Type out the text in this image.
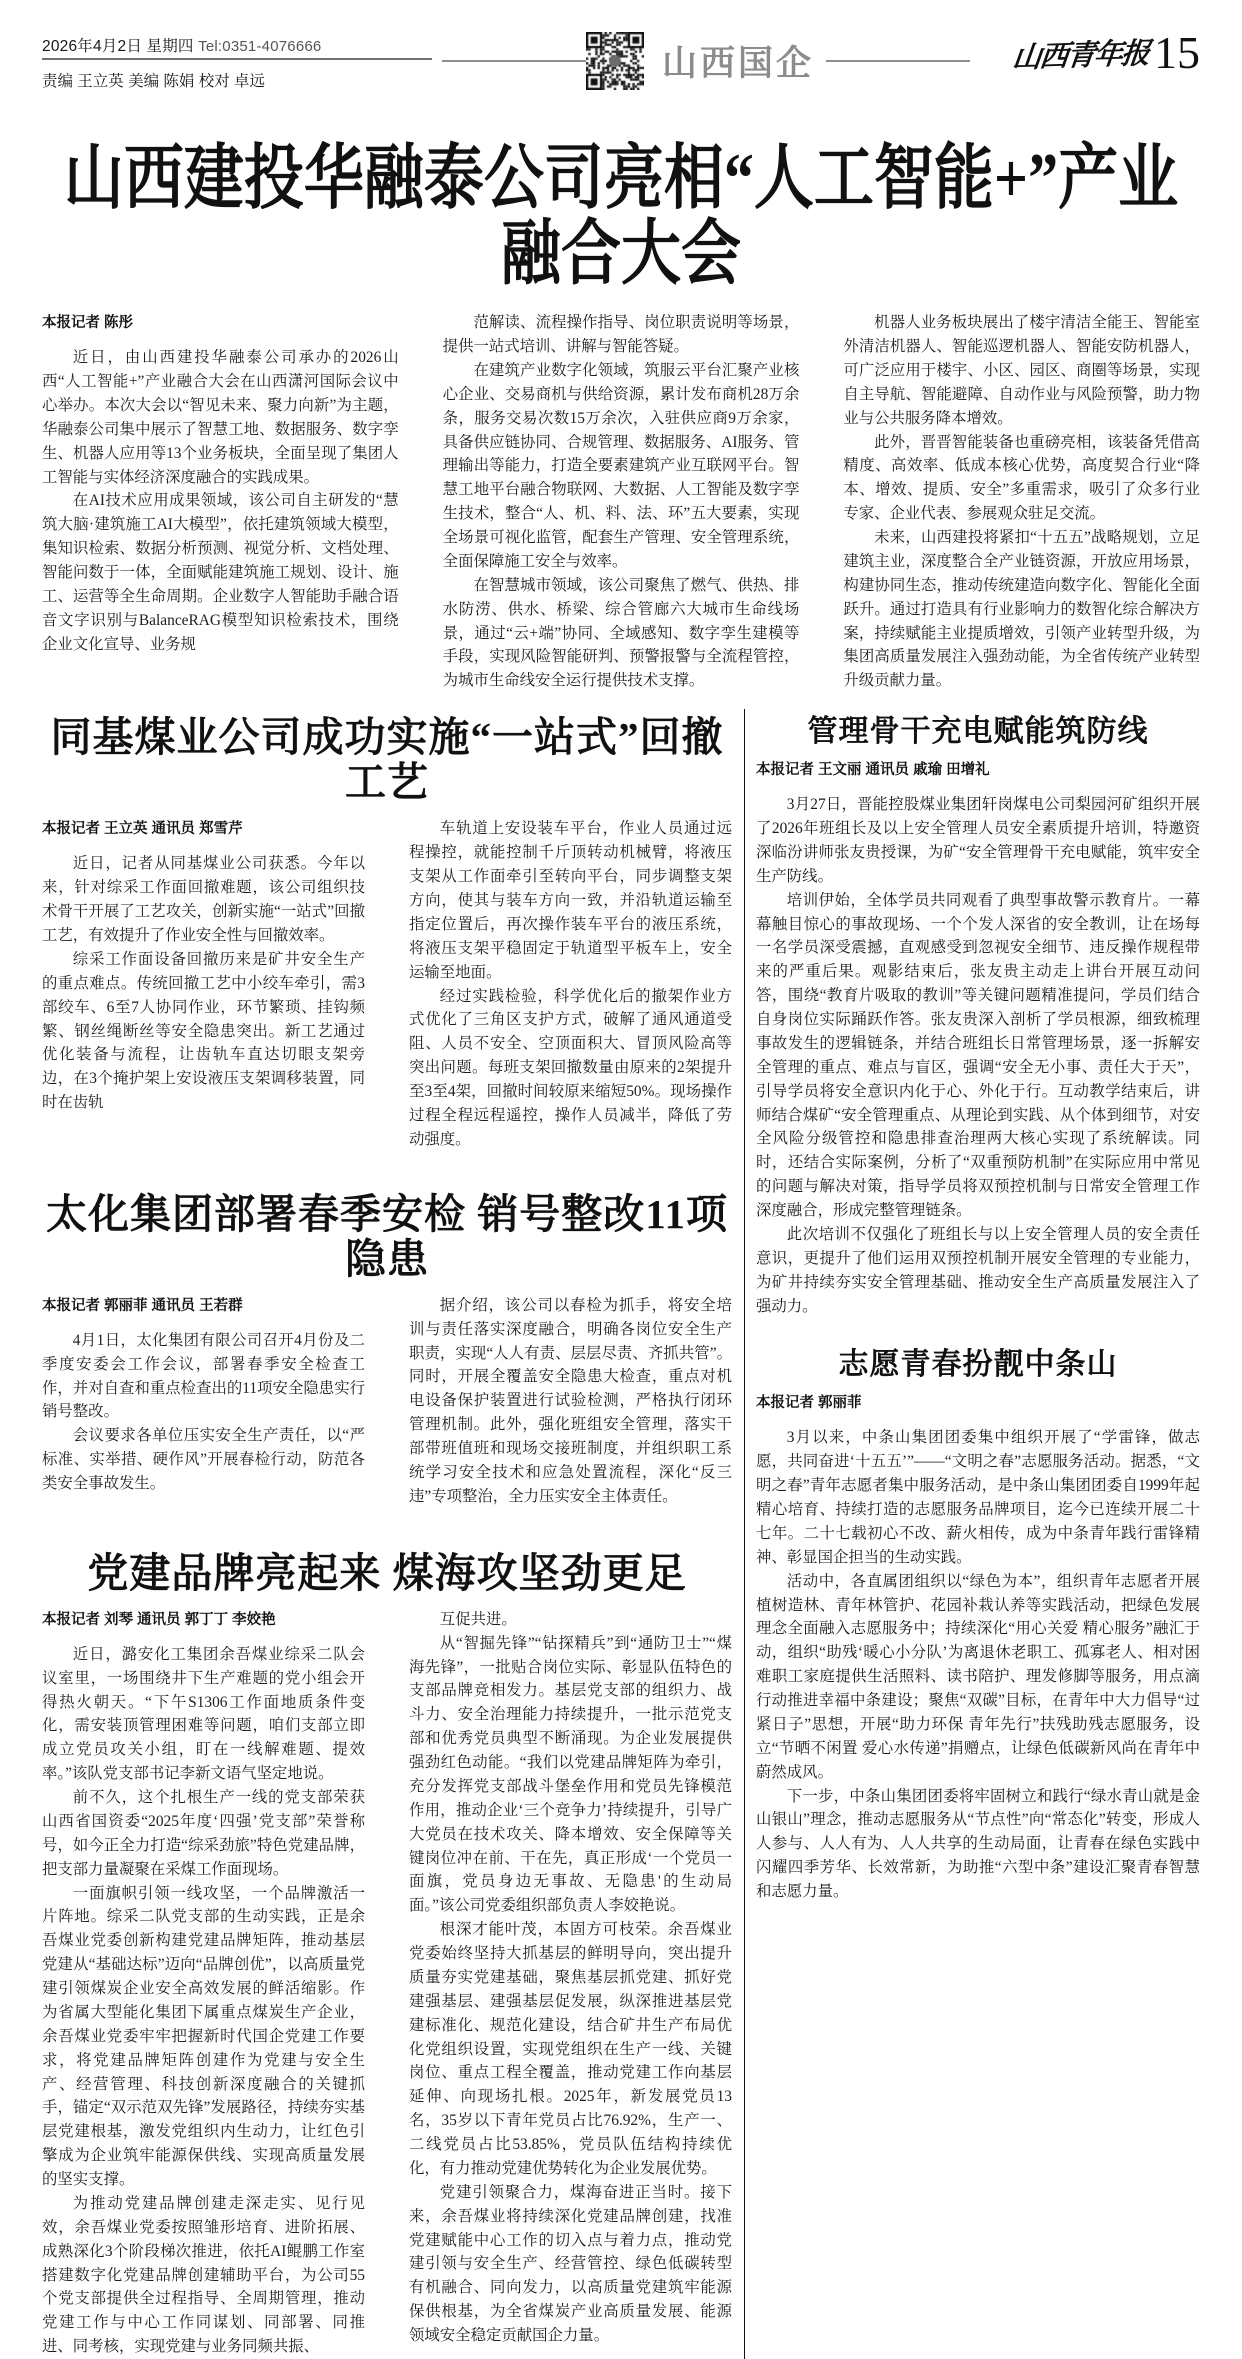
2026年4月2日 星期四 Tel:0351-4076666
责编 王立英 美编 陈娟 校对 卓远	山西国企	山西青年报 15
山西建投华融泰公司亮相“人工智能+”产业融合大会
本报记者 陈彤

近日，由山西建投华融泰公司承办的2026山西“人工智能+”产业融合大会在山西潇河国际会议中心举办。本次大会以“智见未来、聚力向新”为主题，华融泰公司集中展示了智慧工地、数据服务、数字孪生、机器人应用等13个业务板块，全面呈现了集团人工智能与实体经济深度融合的实践成果。

在AI技术应用成果领域，该公司自主研发的“慧筑大脑·建筑施工AI大模型”，依托建筑领域大模型，集知识检索、数据分析预测、视觉分析、文档处理、智能问数于一体，全面赋能建筑施工规划、设计、施工、运营等全生命周期。企业数字人智能助手融合语音文字识别与BalanceRAG模型知识检索技术，围绕企业文化宣导、业务规

范解读、流程操作指导、岗位职责说明等场景，提供一站式培训、讲解与智能答疑。

在建筑产业数字化领域，筑服云平台汇聚产业核心企业、交易商机与供给资源，累计发布商机28万余条，服务交易次数15万余次，入驻供应商9万余家，具备供应链协同、合规管理、数据服务、AI服务、管理输出等能力，打造全要素建筑产业互联网平台。智慧工地平台融合物联网、大数据、人工智能及数字孪生技术，整合“人、机、料、法、环”五大要素，实现全场景可视化监管，配套生产管理、安全管理系统，全面保障施工安全与效率。

在智慧城市领域，该公司聚焦了燃气、供热、排水防涝、供水、桥梁、综合管廊六大城市生命线场景，通过“云+端”协同、全域感知、数字孪生建模等手段，实现风险智能研判、预警报警与全流程管控，为城市生命线安全运行提供技术支撑。

机器人业务板块展出了楼宇清洁全能王、智能室外清洁机器人、智能巡逻机器人、智能安防机器人，可广泛应用于楼宇、小区、园区、商圈等场景，实现自主导航、智能避障、自动作业与风险预警，助力物业与公共服务降本增效。

此外，晋晋智能装备也重磅亮相，该装备凭借高精度、高效率、低成本核心优势，高度契合行业“降本、增效、提质、安全”多重需求，吸引了众多行业专家、企业代表、参展观众驻足交流。

未来，山西建投将紧扣“十五五”战略规划，立足建筑主业，深度整合全产业链资源，开放应用场景，构建协同生态，推动传统建造向数字化、智能化全面跃升。通过打造具有行业影响力的数智化综合解决方案，持续赋能主业提质增效，引领产业转型升级，为集团高质量发展注入强劲动能，为全省传统产业转型升级贡献力量。

同基煤业公司成功实施“一站式”回撤工艺
本报记者 王立英 通讯员 郑雪芹

近日，记者从同基煤业公司获悉。今年以来，针对综采工作面回撤难题，该公司组织技术骨干开展了工艺攻关，创新实施“一站式”回撤工艺，有效提升了作业安全性与回撤效率。

综采工作面设备回撤历来是矿井安全生产的重点难点。传统回撤工艺中小绞车牵引，需3部绞车、6至7人协同作业，环节繁琐、挂钩频繁、钢丝绳断丝等安全隐患突出。新工艺通过优化装备与流程，让齿轨车直达切眼支架旁边，在3个掩护架上安设液压支架调移装置，同时在齿轨

车轨道上安设装车平台，作业人员通过远程操控，就能控制千斤顶转动机械臂，将液压支架从工作面牵引至转向平台，同步调整支架方向，使其与装车方向一致，并沿轨道运输至指定位置后，再次操作装车平台的液压系统，将液压支架平稳固定于轨道型平板车上，安全运输至地面。

经过实践检验，科学优化后的撤架作业方式优化了三角区支护方式，破解了通风通道受阻、人员不安全、空顶面积大、冒顶风险高等突出问题。每班支架回撤数量由原来的2架提升至3至4架，回撤时间较原来缩短50%。现场操作过程全程远程遥控，操作人员减半，降低了劳动强度。

太化集团部署春季安检 销号整改11项隐患
本报记者 郭丽菲 通讯员 王若群

4月1日，太化集团有限公司召开4月份及二季度安委会工作会议，部署春季安全检查工作，并对自查和重点检查出的11项安全隐患实行销号整改。

会议要求各单位压实安全生产责任，以“严标准、实举措、硬作风”开展春检行动，防范各类安全事故发生。

据介绍，该公司以春检为抓手，将安全培训与责任落实深度融合，明确各岗位安全生产职责，实现“人人有责、层层尽责、齐抓共管”。同时，开展全覆盖安全隐患大检查，重点对机电设备保护装置进行试验检测，严格执行闭环管理机制。此外，强化班组安全管理，落实干部带班值班和现场交接班制度，并组织职工系统学习安全技术和应急处置流程，深化“反三违”专项整治，全力压实安全主体责任。

党建品牌亮起来 煤海攻坚劲更足
本报记者 刘琴 通讯员 郭丁丁 李姣艳

近日，潞安化工集团余吾煤业综采二队会议室里，一场围绕井下生产难题的党小组会开得热火朝天。“下午S1306工作面地质条件变化，需安装顶管理困难等问题，咱们支部立即成立党员攻关小组，盯在一线解难题、提效率。”该队党支部书记李新文语气坚定地说。

前不久，这个扎根生产一线的党支部荣获山西省国资委“2025年度‘四强’党支部”荣誉称号，如今正全力打造“综采劲旅”特色党建品牌，把支部力量凝聚在采煤工作面现场。

一面旗帜引领一线攻坚，一个品牌激活一片阵地。综采二队党支部的生动实践，正是余吾煤业党委创新构建党建品牌矩阵，推动基层党建从“基础达标”迈向“品牌创优”，以高质量党建引领煤炭企业安全高效发展的鲜活缩影。作为省属大型能化集团下属重点煤炭生产企业，余吾煤业党委牢牢把握新时代国企党建工作要求，将党建品牌矩阵创建作为党建与安全生产、经营管理、科技创新深度融合的关键抓手，锚定“双示范双先锋”发展路径，持续夯实基层党建根基，激发党组织内生动力，让红色引擎成为企业筑牢能源保供线、实现高质量发展的坚实支撑。

为推动党建品牌创建走深走实、见行见效，余吾煤业党委按照雏形培育、进阶拓展、成熟深化3个阶段梯次推进，依托AI鲲鹏工作室搭建数字化党建品牌创建辅助平台，为公司55个党支部提供全过程指导、全周期管理，推动党建工作与中心工作同谋划、同部署、同推进、同考核，实现党建与业务同频共振、

互促共进。

从“智掘先锋”“钻探精兵”到“通防卫士”“煤海先锋”，一批贴合岗位实际、彰显队伍特色的支部品牌竞相发力。基层党支部的组织力、战斗力、安全治理能力持续提升，一批示范党支部和优秀党员典型不断涌现。为企业发展提供强劲红色动能。“我们以党建品牌矩阵为牵引，充分发挥党支部战斗堡垒作用和党员先锋模范作用，推动企业‘三个竞争力’持续提升，引导广大党员在技术攻关、降本增效、安全保障等关键岗位冲在前、干在先，真正形成‘一个党员一面旗，党员身边无事故、无隐患'的生动局面。”该公司党委组织部负责人李姣艳说。

根深才能叶茂，本固方可枝荣。余吾煤业党委始终坚持大抓基层的鲜明导向，突出提升质量夯实党建基础，聚焦基层抓党建、抓好党建强基层、建强基层促发展，纵深推进基层党建标准化、规范化建设，结合矿井生产布局优化党组织设置，实现党组织在生产一线、关键岗位、重点工程全覆盖，推动党建工作向基层延伸、向现场扎根。2025年，新发展党员13名，35岁以下青年党员占比76.92%，生产一、二线党员占比53.85%，党员队伍结构持续优化，有力推动党建优势转化为企业发展优势。

党建引领聚合力，煤海奋进正当时。接下来，余吾煤业将持续深化党建品牌创建，找准党建赋能中心工作的切入点与着力点，推动党建引领与安全生产、经营管控、绿色低碳转型有机融合、同向发力，以高质量党建筑牢能源保供根基，为全省煤炭产业高质量发展、能源领域安全稳定贡献国企力量。

管理骨干充电赋能筑防线
本报记者 王文丽 通讯员 戚瑜 田增礼

3月27日，晋能控股煤业集团轩岗煤电公司梨园河矿组织开展了2026年班组长及以上安全管理人员安全素质提升培训，特邀资深临汾讲师张友贵授课，为矿“安全管理骨干充电赋能，筑牢安全生产防线。

培训伊始，全体学员共同观看了典型事故警示教育片。一幕幕触目惊心的事故现场、一个个发人深省的安全教训，让在场每一名学员深受震撼，直观感受到忽视安全细节、违反操作规程带来的严重后果。观影结束后，张友贵主动走上讲台开展互动问答，围绕“教育片吸取的教训”等关键问题精准提问，学员们结合自身岗位实际踊跃作答。张友贵深入剖析了学员根源，细致梳理事故发生的逻辑链条，并结合班组长日常管理场景，逐一拆解安全管理的重点、难点与盲区，强调“安全无小事、责任大于天”，引导学员将安全意识内化于心、外化于行。互动教学结束后，讲师结合煤矿“安全管理重点、从理论到实践、从个体到细节，对安全风险分级管控和隐患排查治理两大核心实现了系统解读。同时，还结合实际案例，分析了“双重预防机制”在实际应用中常见的问题与解决对策，指导学员将双预控机制与日常安全管理工作深度融合，形成完整管理链条。

此次培训不仅强化了班组长与以上安全管理人员的安全责任意识，更提升了他们运用双预控机制开展安全管理的专业能力，为矿井持续夯实安全管理基础、推动安全生产高质量发展注入了强动力。

志愿青春扮靓中条山
本报记者 郭丽菲

3月以来，中条山集团团委集中组织开展了“学雷锋，做志愿，共同奋进‘十五五’”——“文明之春”志愿服务活动。据悉，“文明之春”青年志愿者集中服务活动，是中条山集团团委自1999年起精心培育、持续打造的志愿服务品牌项目，迄今已连续开展二十七年。二十七载初心不改、薪火相传，成为中条青年践行雷锋精神、彰显国企担当的生动实践。

活动中，各直属团组织以“绿色为本”，组织青年志愿者开展植树造林、青年林管护、花园补栽认养等实践活动，把绿色发展理念全面融入志愿服务中；持续深化“用心关爱 精心服务”融汇于动，组织“助残‘暖心小分队’为离退休老职工、孤寡老人、相对困难职工家庭提供生活照料、读书陪护、理发修脚等服务，用点滴行动推进幸福中条建设；聚焦“双碳”目标，在青年中大力倡导“过紧日子”思想，开展“助力环保 青年先行”扶残助残志愿服务，设立“节晒不闲置 爱心水传递”捐赠点，让绿色低碳新风尚在青年中蔚然成风。

下一步，中条山集团团委将牢固树立和践行“绿水青山就是金山银山”理念，推动志愿服务从“节点性”向“常态化”转变，形成人人参与、人人有为、人人共享的生动局面，让青春在绿色实践中闪耀四季芳华、长效常新，为助推“六型中条”建设汇聚青春智慧和志愿力量。
